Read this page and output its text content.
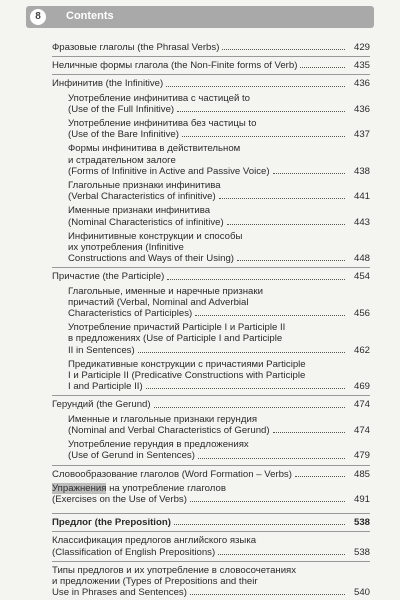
8	Contents
Фразовые глаголы (the Phrasal Verbs)	429
Неличные формы глагола (the Non-Finite forms of Verb)	435
Инфинитив (the Infinitive)	436
Употребление инфинитива с частицей to
(Use of the Full Infinitive)	436
Употребление инфинитива без частицы to
(Use of the Bare Infinitive)	437
Формы инфинитива в действительном
и страдательном залоге
(Forms of Infinitive in Active and Passive Voice)	438
Глагольные признаки инфинитива
(Verbal Characteristics of infinitive)	441
Именные признаки инфинитива
(Nominal Characteristics of infinitive)	443
Инфинитивные конструкции и способы
их употребления (Infinitive
Constructions and Ways of their Using)	448
Причастие (the Participle)	454
Глагольные, именные и наречные признаки
причастий (Verbal, Nominal and Adverbial
Characteristics of Participles)	456
Употребление причастий Participle I и Participle II
в предложениях (Use of Participle I and Participle
II in Sentences)	462
Предикативные конструкции с причастиями Participle
I и Participle II (Predicative Constructions with Participle
I and Participle II)	469
Герундий (the Gerund)	474
Именные и глагольные признаки герундия
(Nominal and Verbal Characteristics of Gerund)	474
Употребление герундия в предложениях
(Use of Gerund in Sentences)	479
Словообразование глаголов (Word Formation – Verbs)	485
Упражнения на употребление глаголов
(Exercises on the Use of Verbs)	491
Предлог (the Preposition)	538
Классификация предлогов английского языка
(Classification of English Prepositions)	538
Типы предлогов и их употребление в словосочетаниях
и предложении (Types of Prepositions and their
Use in Phrases and Sentences)	540
